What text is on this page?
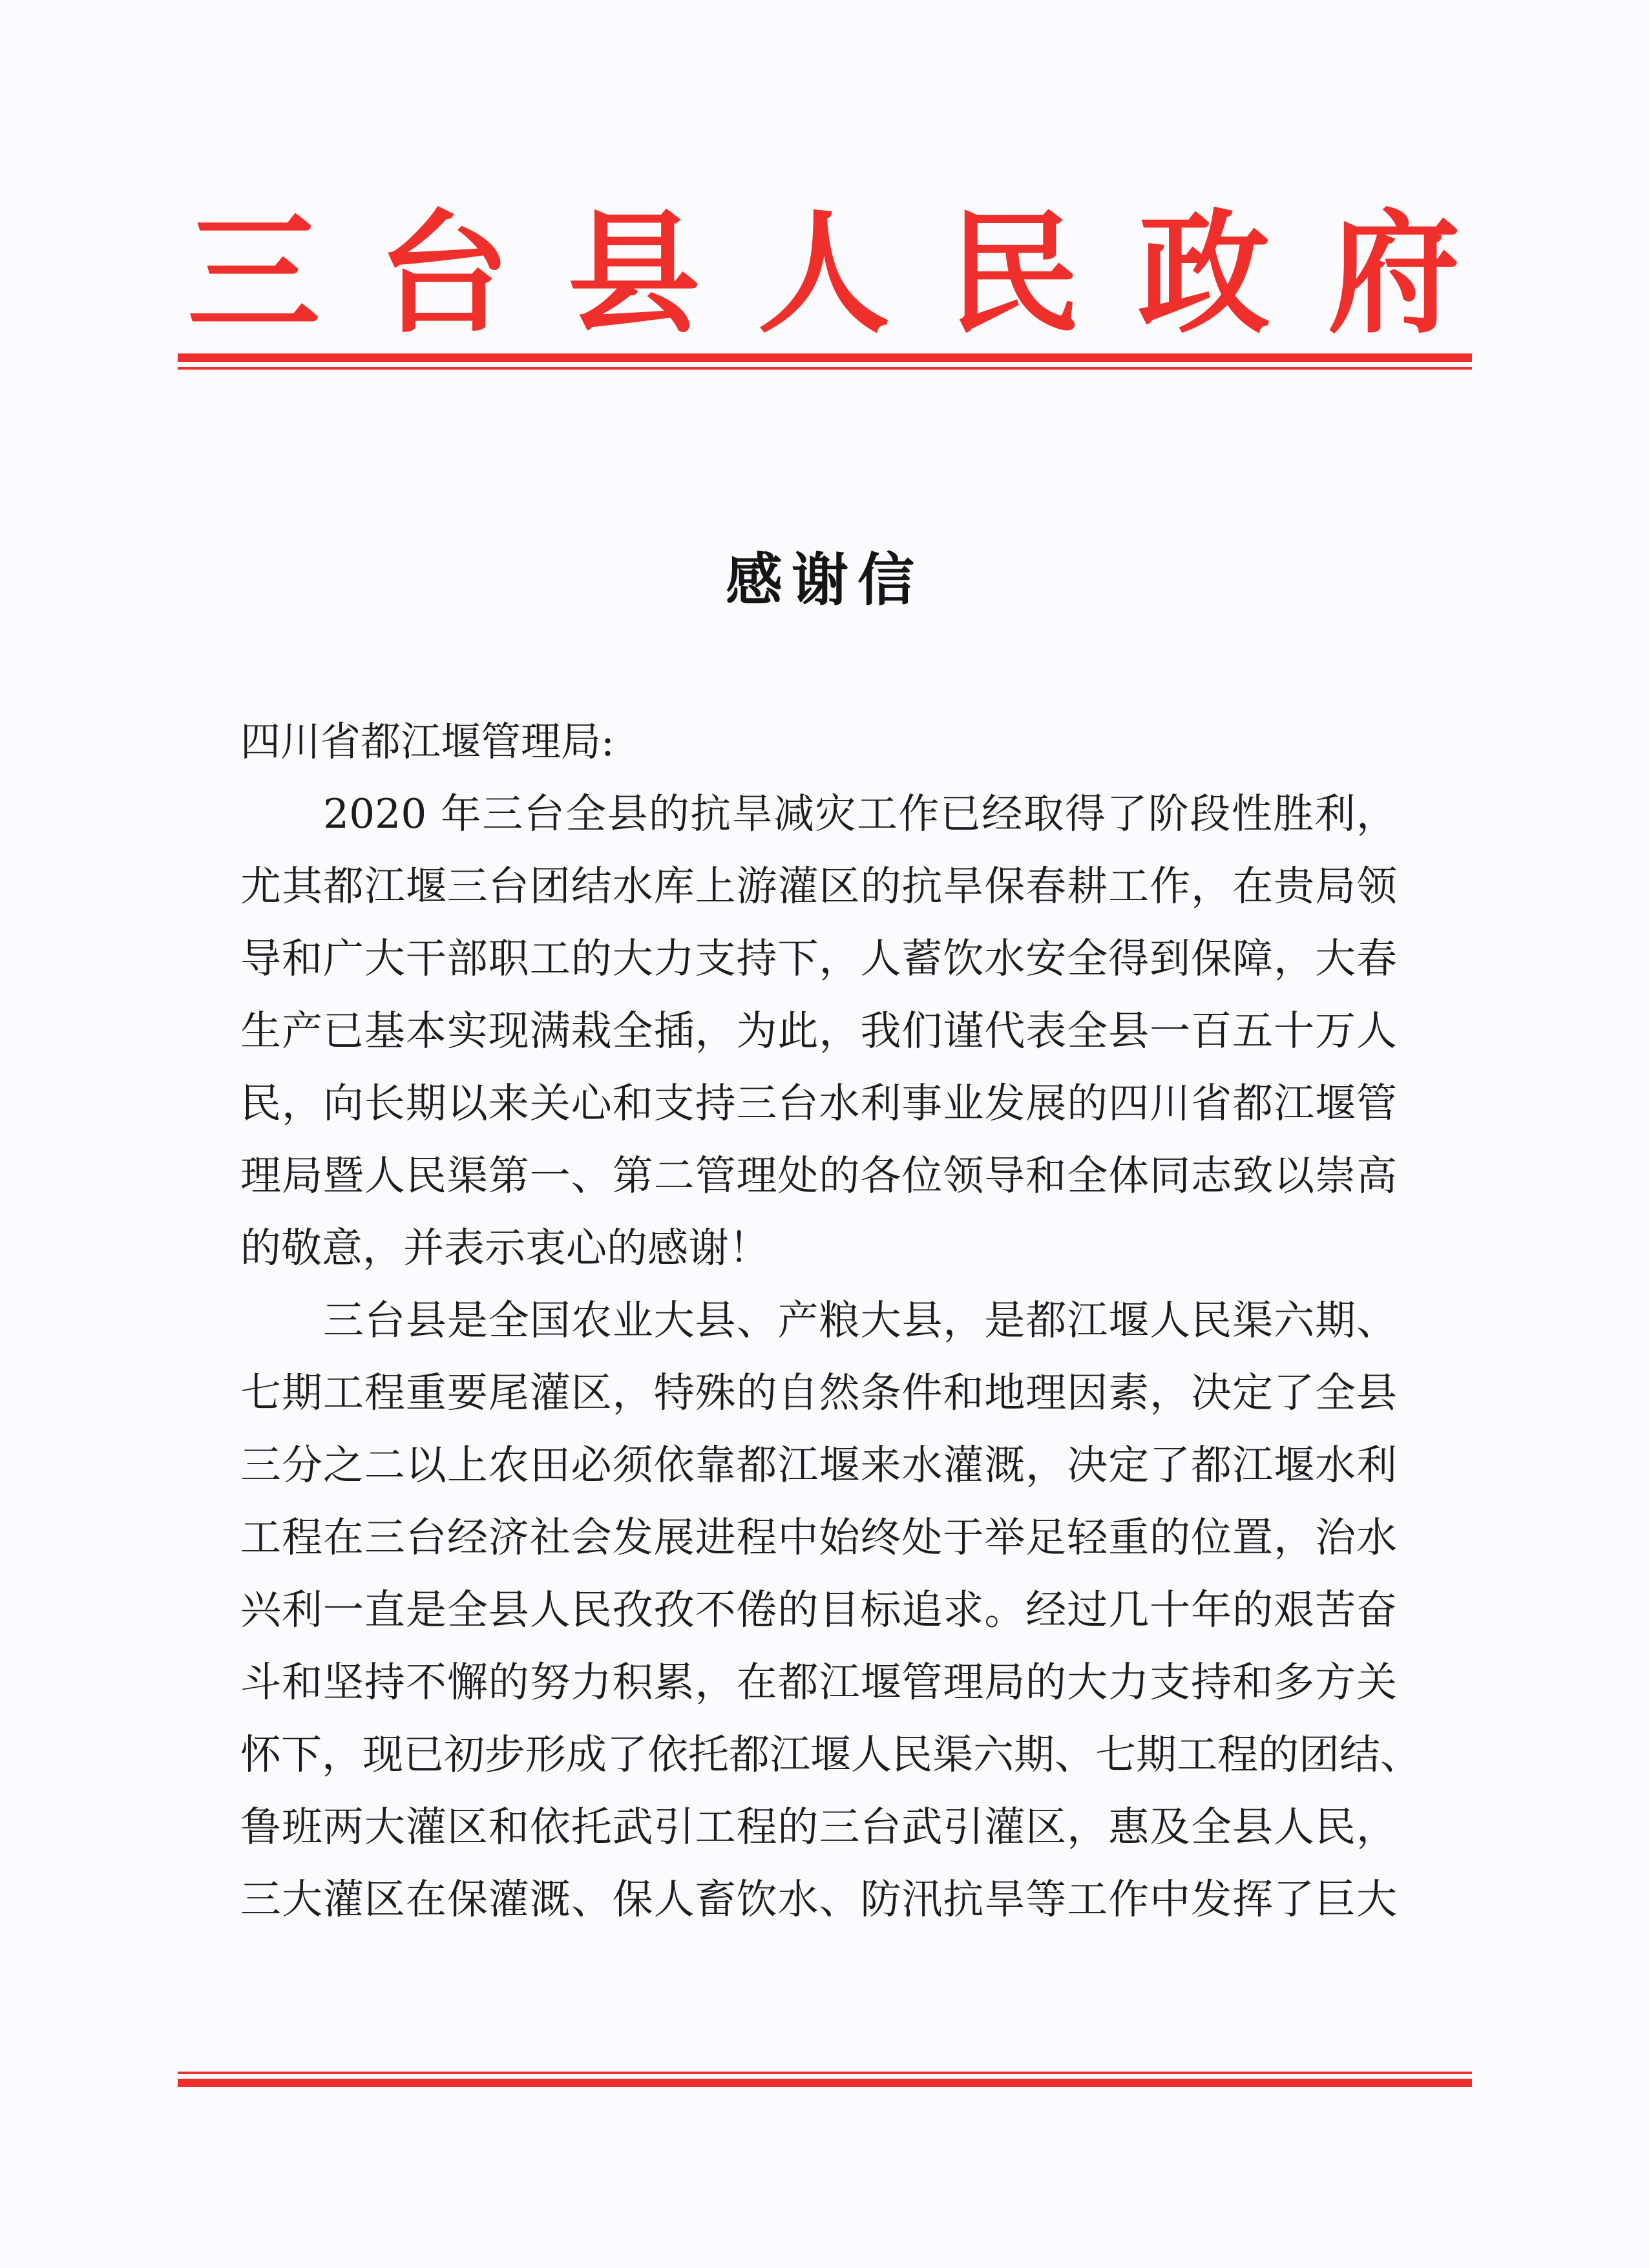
三 台 县 人 民 政 府
感谢信
四川省都江堰管理局:
2020 年三台全县的抗旱减灾工作已经取得了阶段性胜利，
尤其都江堰三台团结水库上游灌区的抗旱保春耕工作，在贵局领
导和广大干部职工的大力支持下，人蓄饮水安全得到保障，大春
生产已基本实现满栽全插，为此，我们谨代表全县一百五十万人
民，向长期以来关心和支持三台水利事业发展的四川省都江堰管
理局暨人民渠第一、第二管理处的各位领导和全体同志致以崇高
的敬意，并表示衷心的感谢！
三台县是全国农业大县、产粮大县，是都江堰人民渠六期、
七期工程重要尾灌区，特殊的自然条件和地理因素，决定了全县
三分之二以上农田必须依靠都江堰来水灌溉，决定了都江堰水利
工程在三台经济社会发展进程中始终处于举足轻重的位置，治水
兴利一直是全县人民孜孜不倦的目标追求。经过几十年的艰苦奋
斗和坚持不懈的努力积累，在都江堰管理局的大力支持和多方关
怀下，现已初步形成了依托都江堰人民渠六期、七期工程的团结、
鲁班两大灌区和依托武引工程的三台武引灌区，惠及全县人民，
三大灌区在保灌溉、保人畜饮水、防汛抗旱等工作中发挥了巨大
